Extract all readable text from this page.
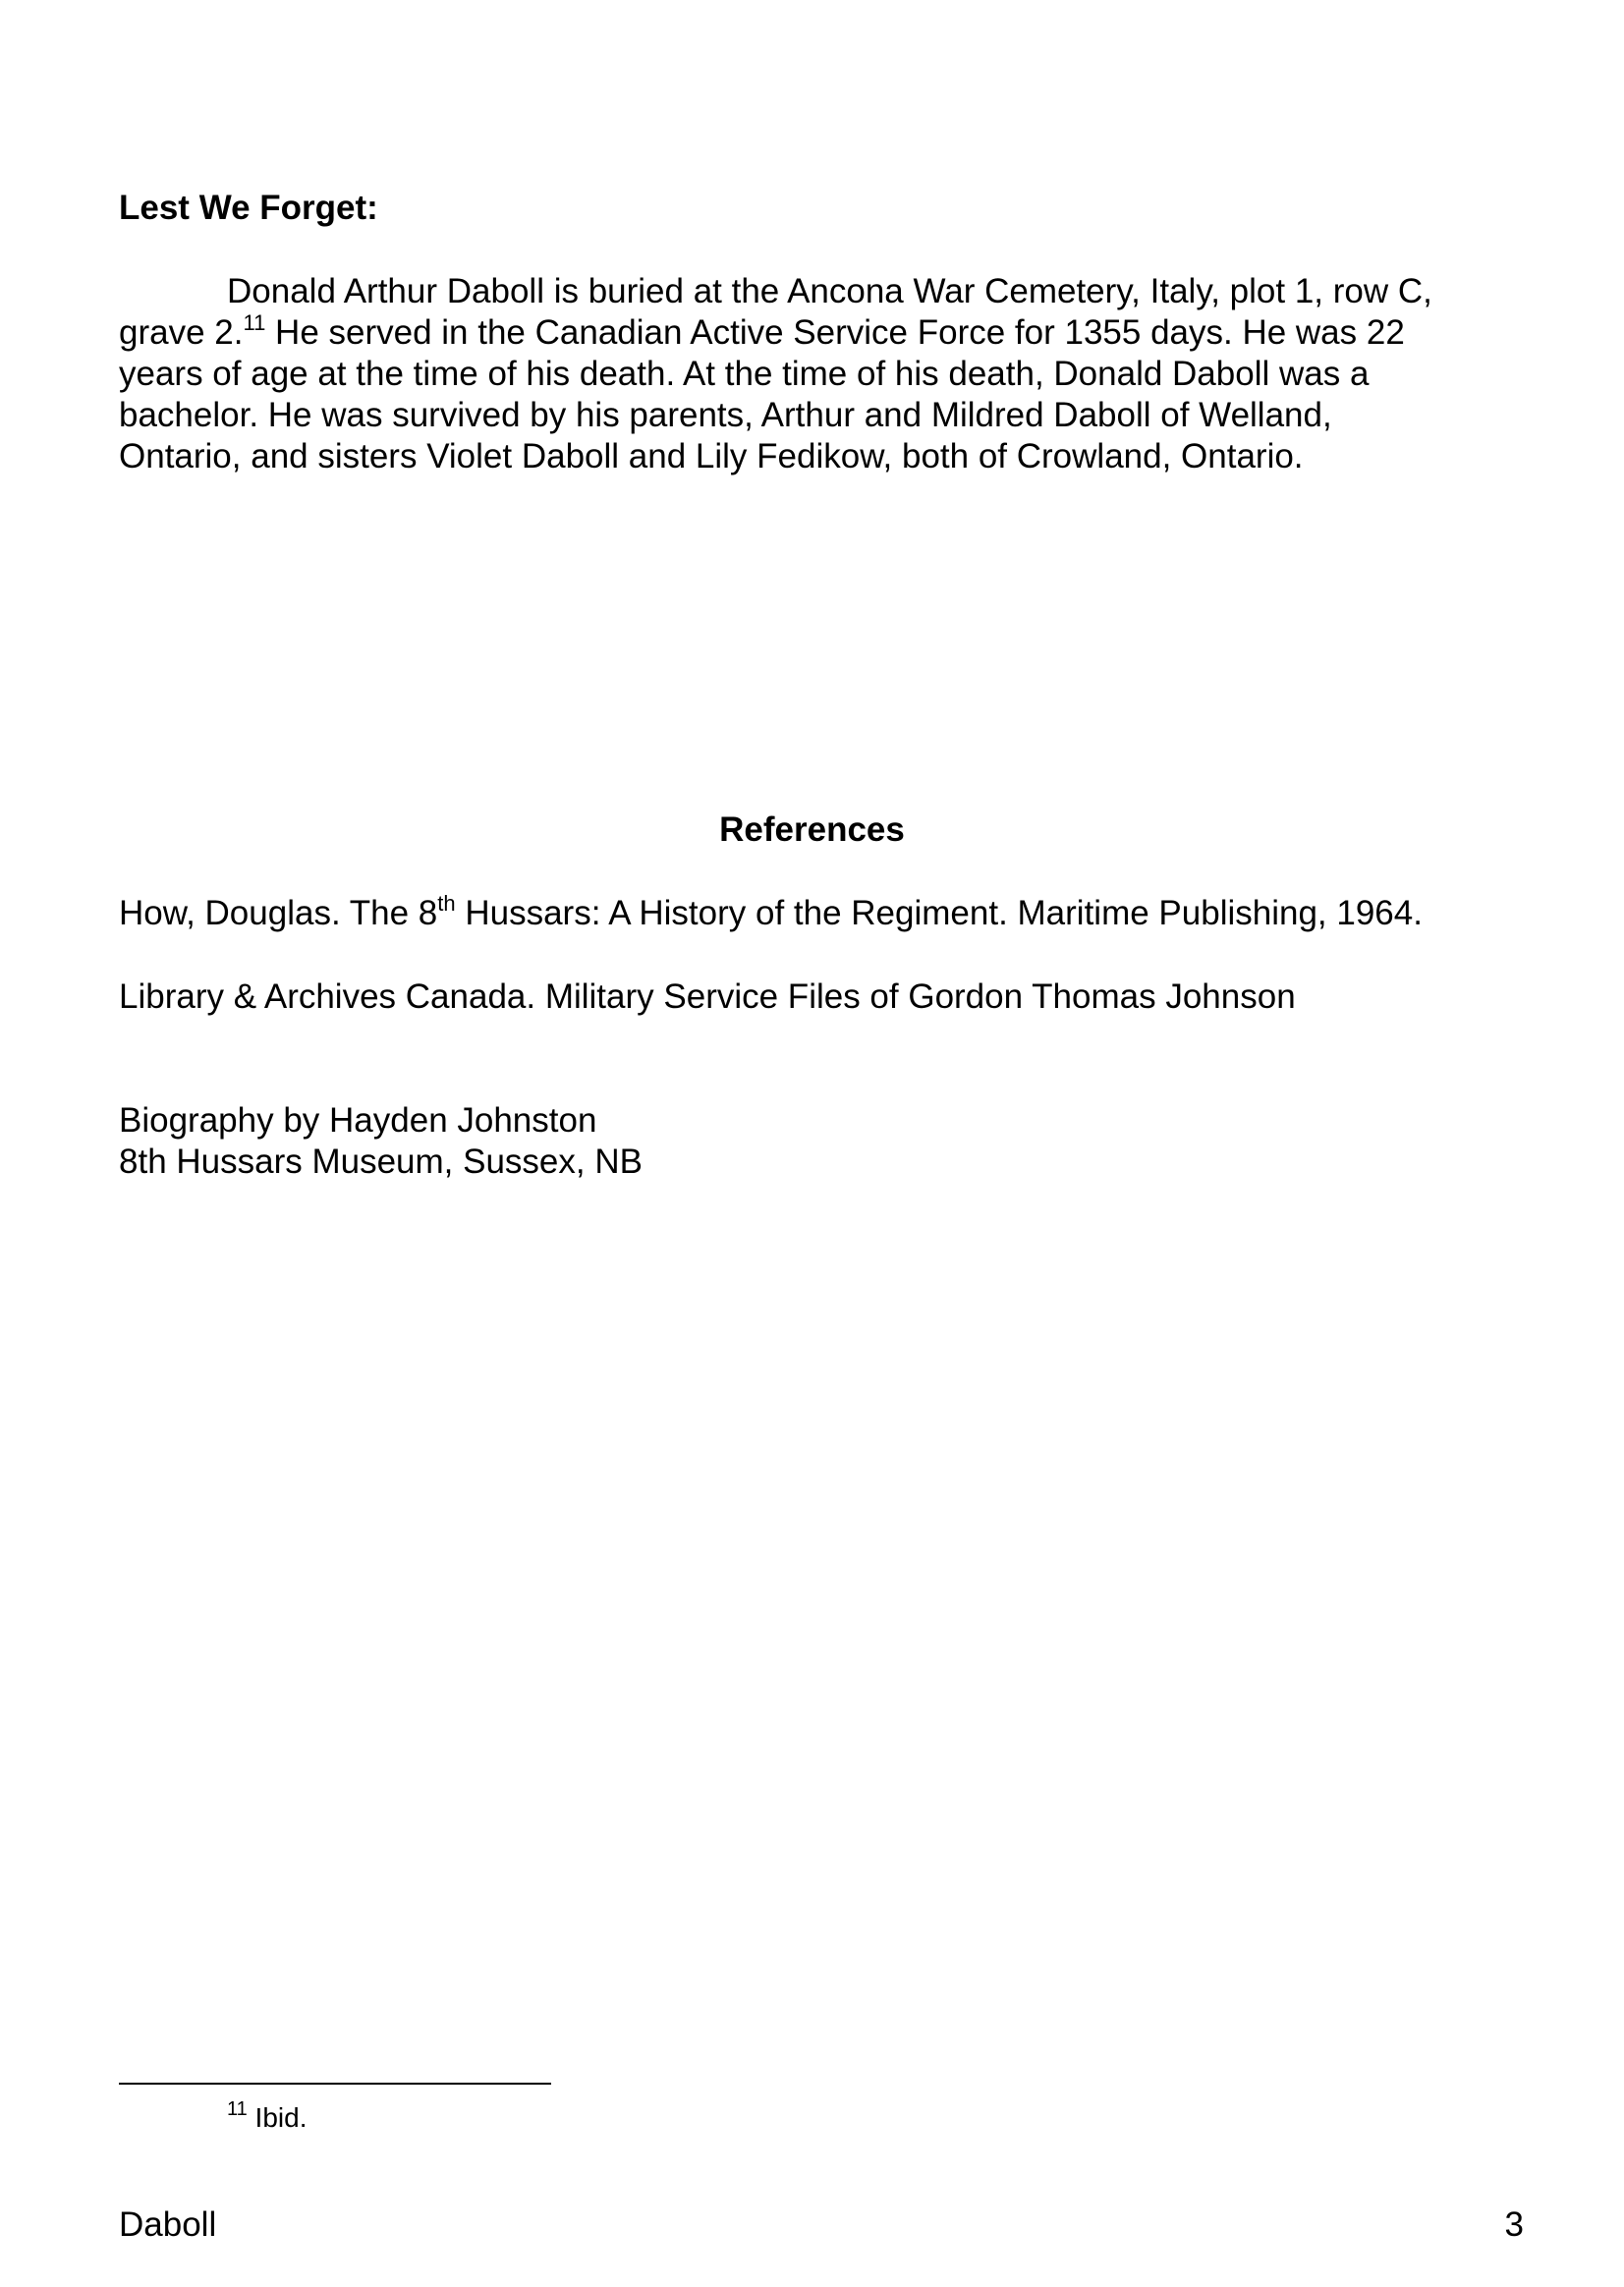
Lest We Forget:

Donald Arthur Daboll is buried at the Ancona War Cemetery, Italy, plot 1, row C,
grave 2.11 He served in the Canadian Active Service Force for 1355 days. He was 22
years of age at the time of his death. At the time of his death, Donald Daboll was a
bachelor. He was survived by his parents, Arthur and Mildred Daboll of Welland,
Ontario, and sisters Violet Daboll and Lily Fedikow, both of Crowland, Ontario.

References
How, Douglas. The 8th Hussars: A History of the Regiment. Maritime Publishing, 1964.
Library & Archives Canada. Military Service Files of Gordon Thomas Johnson
Biography by Hayden Johnston
8th Hussars Museum, Sussex, NB
$^{11}$ Ibid.
Daboll	3
